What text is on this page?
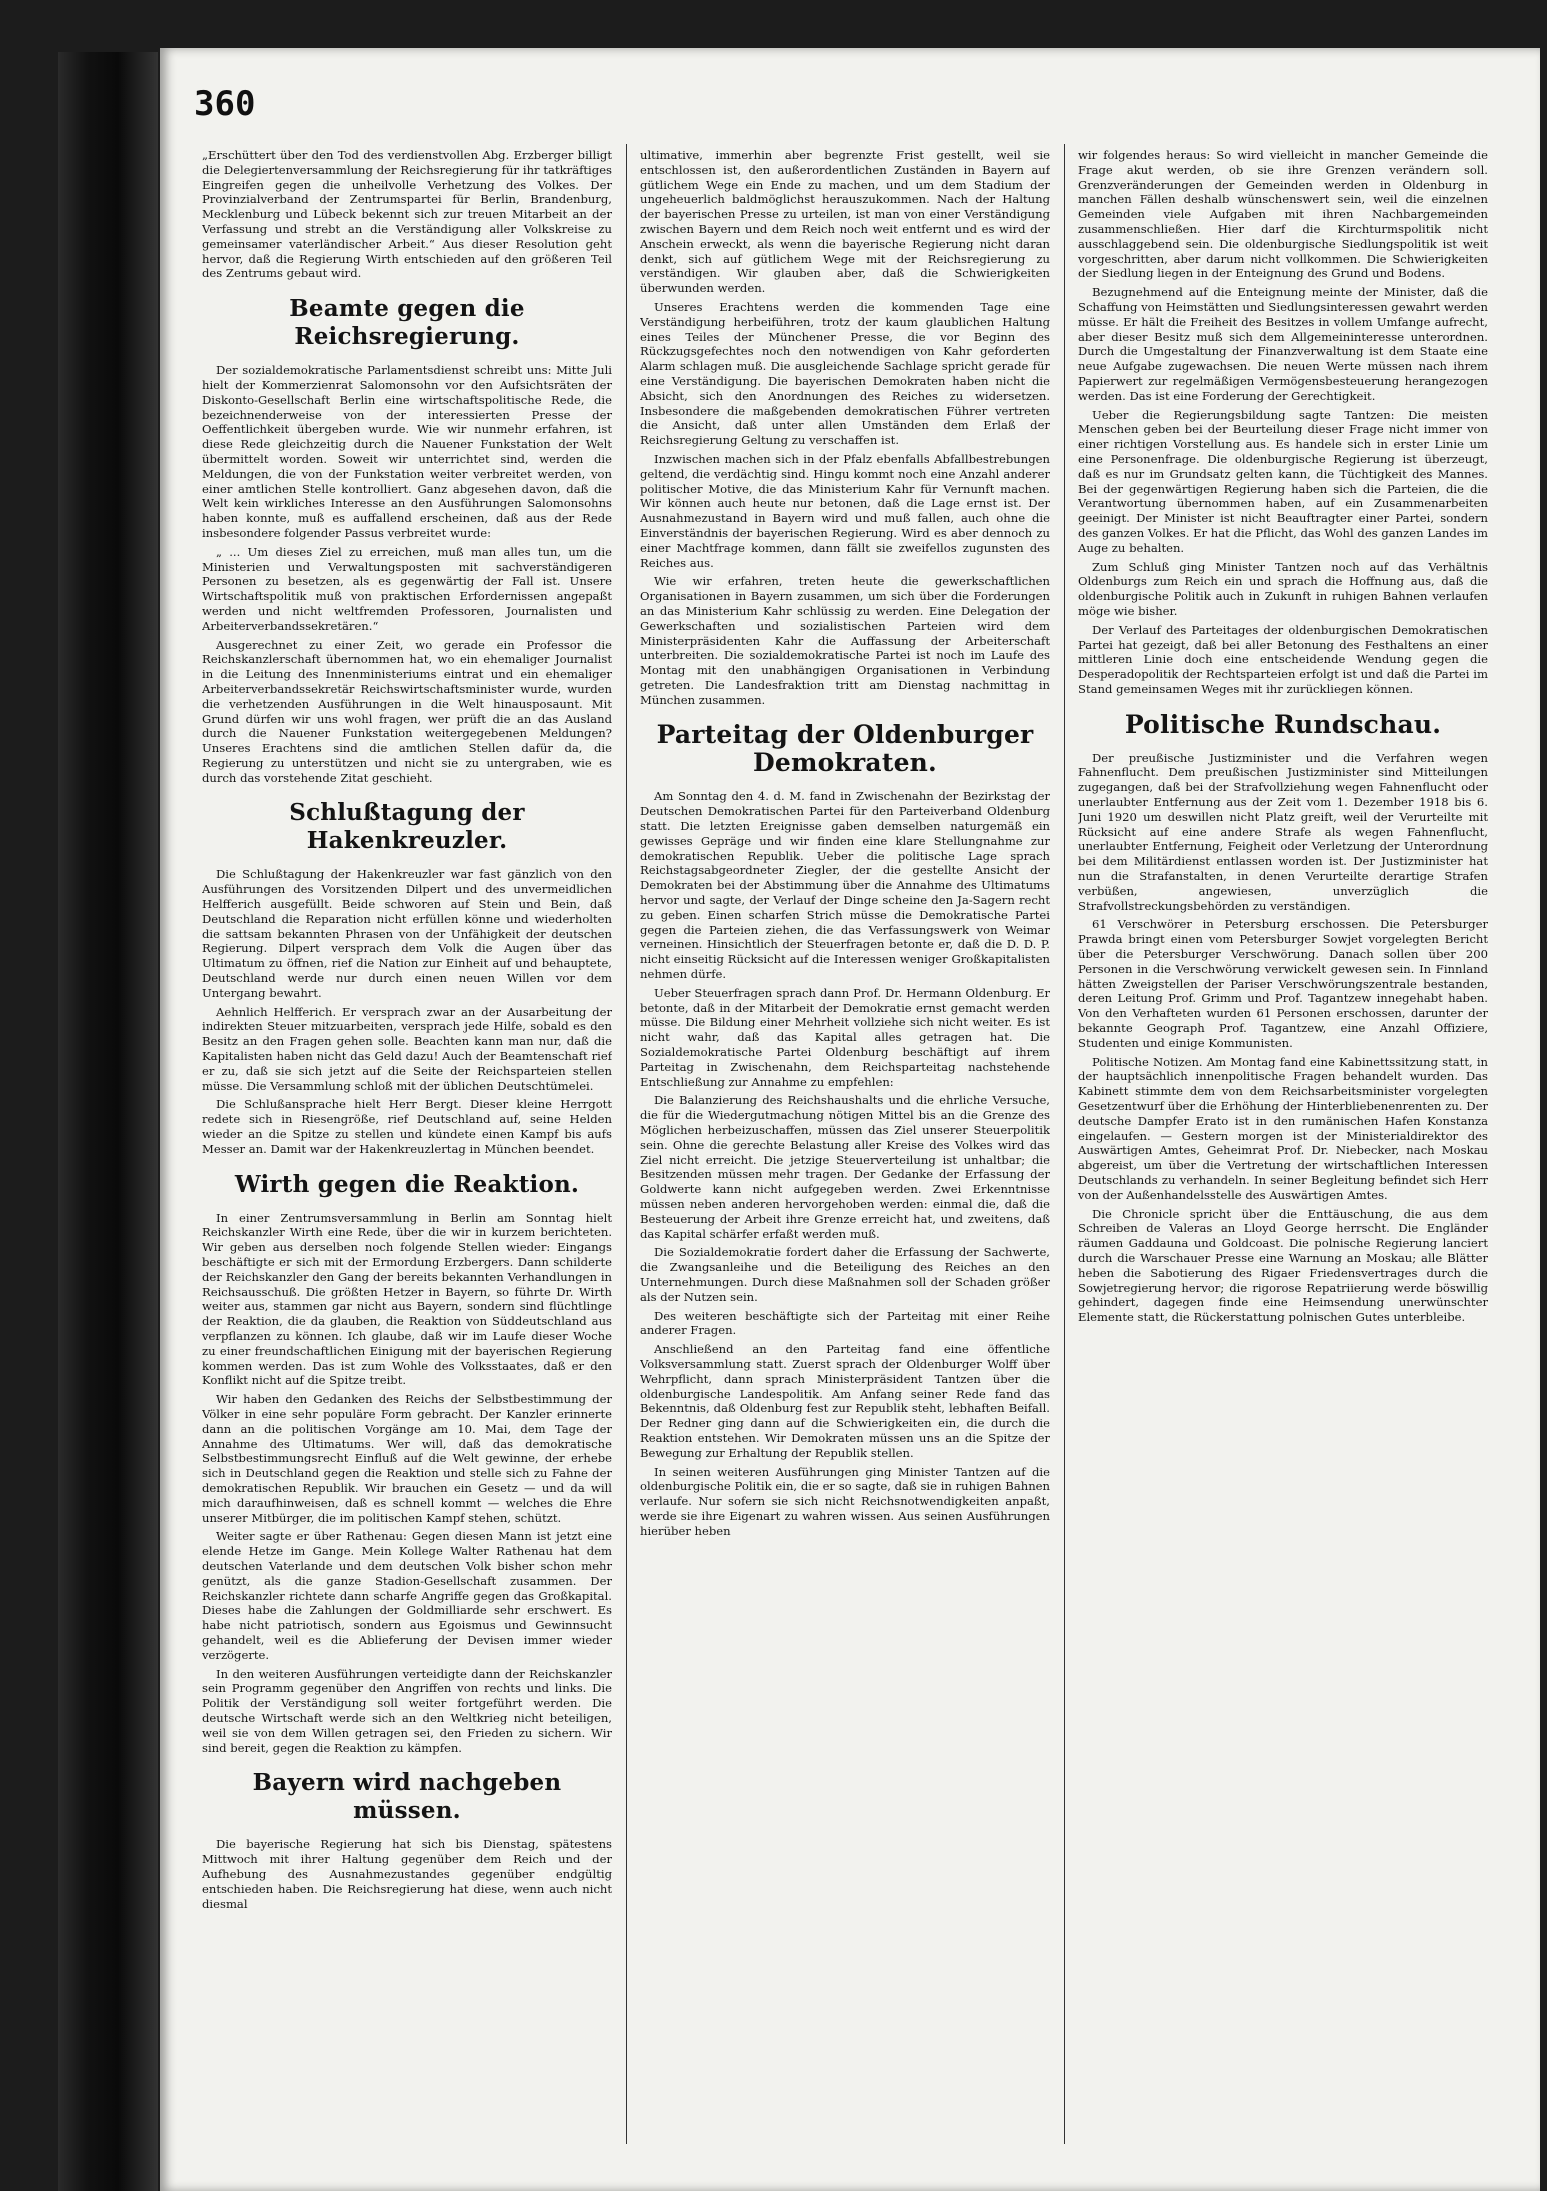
360

„Erschüttert über den Tod des verdienstvollen Abg. Erzberger billigt die Delegiertenversammlung der Reichsregierung für ihr tatkräftiges Eingreifen gegen die unheilvolle Verhetzung des Volkes. Der Provinzialverband der Zentrumspartei für Berlin, Brandenburg, Mecklenburg und Lübeck bekennt sich zur treuen Mitarbeit an der Verfassung und strebt an die Verständigung aller Volkskreise zu gemeinsamer vaterländischer Arbeit.“ Aus dieser Resolution geht hervor, daß die Regierung Wirth entschieden auf den größeren Teil des Zentrums gebaut wird.

Beamte gegen die Reichsregierung.

Der sozialdemokratische Parlamentsdienst schreibt uns: Mitte Juli hielt der Kommerzienrat Salomonsohn vor den Aufsichtsräten der Diskonto-Gesellschaft Berlin eine wirtschaftspolitische Rede, die bezeichnenderweise von der interessierten Presse der Oeffentlichkeit übergeben wurde. Wie wir nunmehr erfahren, ist diese Rede gleichzeitig durch die Nauener Funkstation der Welt übermittelt worden. Soweit wir unterrichtet sind, werden die Meldungen, die von der Funkstation weiter verbreitet werden, von einer amtlichen Stelle kontrolliert. Ganz abgesehen davon, daß die Welt kein wirkliches Interesse an den Ausführungen Salomonsohns haben konnte, muß es auffallend erscheinen, daß aus der Rede insbesondere folgender Passus verbreitet wurde:

„ ... Um dieses Ziel zu erreichen, muß man alles tun, um die Ministerien und Verwaltungsposten mit sachverständigeren Personen zu besetzen, als es gegenwärtig der Fall ist. Unsere Wirtschaftspolitik muß von praktischen Erfordernissen angepaßt werden und nicht weltfremden Professoren, Journalisten und Arbeiterverbandssekretären.“

Ausgerechnet zu einer Zeit, wo gerade ein Professor die Reichskanzlerschaft übernommen hat, wo ein ehemaliger Journalist in die Leitung des Innenministeriums eintrat und ein ehemaliger Arbeiterverbandssekretär Reichswirtschaftsminister wurde, wurden die verhetzenden Ausführungen in die Welt hinausposaunt. Mit Grund dürfen wir uns wohl fragen, wer prüft die an das Ausland durch die Nauener Funkstation weitergegebenen Meldungen? Unseres Erachtens sind die amtlichen Stellen dafür da, die Regierung zu unterstützen und nicht sie zu untergraben, wie es durch das vorstehende Zitat geschieht.

Schlußtagung der Hakenkreuzler.

Die Schlußtagung der Hakenkreuzler war fast gänzlich von den Ausführungen des Vorsitzenden Dilpert und des unvermeidlichen Helfferich ausgefüllt. Beide schworen auf Stein und Bein, daß Deutschland die Reparation nicht erfüllen könne und wiederholten die sattsam bekannten Phrasen von der Unfähigkeit der deutschen Regierung. Dilpert versprach dem Volk die Augen über das Ultimatum zu öffnen, rief die Nation zur Einheit auf und behauptete, Deutschland werde nur durch einen neuen Willen vor dem Untergang bewahrt.

Aehnlich Helfferich. Er versprach zwar an der Ausarbeitung der indirekten Steuer mitzuarbeiten, versprach jede Hilfe, sobald es den Besitz an den Fragen gehen solle. Beachten kann man nur, daß die Kapitalisten haben nicht das Geld dazu! Auch der Beamtenschaft rief er zu, daß sie sich jetzt auf die Seite der Reichsparteien stellen müsse. Die Versammlung schloß mit der üblichen Deutschtümelei.

Die Schlußansprache hielt Herr Bergt. Dieser kleine Herrgott redete sich in Riesengröße, rief Deutschland auf, seine Helden wieder an die Spitze zu stellen und kündete einen Kampf bis aufs Messer an. Damit war der Hakenkreuzlertag in München beendet.

Wirth gegen die Reaktion.

In einer Zentrumsversammlung in Berlin am Sonntag hielt Reichskanzler Wirth eine Rede, über die wir in kurzem berichteten. Wir geben aus derselben noch folgende Stellen wieder: Eingangs beschäftigte er sich mit der Ermordung Erzbergers. Dann schilderte der Reichskanzler den Gang der bereits bekannten Verhandlungen in Reichsausschuß. Die größten Hetzer in Bayern, so führte Dr. Wirth weiter aus, stammen gar nicht aus Bayern, sondern sind flüchtlinge der Reaktion, die da glauben, die Reaktion von Süddeutschland aus verpflanzen zu können. Ich glaube, daß wir im Laufe dieser Woche zu einer freundschaftlichen Einigung mit der bayerischen Regierung kommen werden. Das ist zum Wohle des Volksstaates, daß er den Konflikt nicht auf die Spitze treibt.

Wir haben den Gedanken des Reichs der Selbstbestimmung der Völker in eine sehr populäre Form gebracht. Der Kanzler erinnerte dann an die politischen Vorgänge am 10. Mai, dem Tage der Annahme des Ultimatums. Wer will, daß das demokratische Selbstbestimmungsrecht Einfluß auf die Welt gewinne, der erhebe sich in Deutschland gegen die Reaktion und stelle sich zu Fahne der demokratischen Republik. Wir brauchen ein Gesetz — und da will mich daraufhinweisen, daß es schnell kommt — welches die Ehre unserer Mitbürger, die im politischen Kampf stehen, schützt.

Weiter sagte er über Rathenau: Gegen diesen Mann ist jetzt eine elende Hetze im Gange. Mein Kollege Walter Rathenau hat dem deutschen Vaterlande und dem deutschen Volk bisher schon mehr genützt, als die ganze Stadion-Gesellschaft zusammen. Der Reichskanzler richtete dann scharfe Angriffe gegen das Großkapital. Dieses habe die Zahlungen der Goldmilliarde sehr erschwert. Es habe nicht patriotisch, sondern aus Egoismus und Gewinnsucht gehandelt, weil es die Ablieferung der Devisen immer wieder verzögerte.

In den weiteren Ausführungen verteidigte dann der Reichskanzler sein Programm gegenüber den Angriffen von rechts und links. Die Politik der Verständigung soll weiter fortgeführt werden. Die deutsche Wirtschaft werde sich an den Weltkrieg nicht beteiligen, weil sie von dem Willen getragen sei, den Frieden zu sichern. Wir sind bereit, gegen die Reaktion zu kämpfen.

Bayern wird nachgeben müssen.

Die bayerische Regierung hat sich bis Dienstag, spätestens Mittwoch mit ihrer Haltung gegenüber dem Reich und der Aufhebung des Ausnahmezustandes gegenüber endgültig entschieden haben. Die Reichsregierung hat diese, wenn auch nicht diesmal

ultimative, immerhin aber begrenzte Frist gestellt, weil sie entschlossen ist, den außerordentlichen Zuständen in Bayern auf gütlichem Wege ein Ende zu machen, und um dem Stadium der ungeheuerlich baldmöglichst herauszukommen. Nach der Haltung der bayerischen Presse zu urteilen, ist man von einer Verständigung zwischen Bayern und dem Reich noch weit entfernt und es wird der Anschein erweckt, als wenn die bayerische Regierung nicht daran denkt, sich auf gütlichem Wege mit der Reichsregierung zu verständigen. Wir glauben aber, daß die Schwierigkeiten überwunden werden.

Unseres Erachtens werden die kommenden Tage eine Verständigung herbeiführen, trotz der kaum glaublichen Haltung eines Teiles der Münchener Presse, die vor Beginn des Rückzugsgefechtes noch den notwendigen von Kahr geforderten Alarm schlagen muß. Die ausgleichende Sachlage spricht gerade für eine Verständigung. Die bayerischen Demokraten haben nicht die Absicht, sich den Anordnungen des Reiches zu widersetzen. Insbesondere die maßgebenden demokratischen Führer vertreten die Ansicht, daß unter allen Umständen dem Erlaß der Reichsregierung Geltung zu verschaffen ist.

Inzwischen machen sich in der Pfalz ebenfalls Abfallbestrebungen geltend, die verdächtig sind. Hingu kommt noch eine Anzahl anderer politischer Motive, die das Ministerium Kahr für Vernunft machen. Wir können auch heute nur betonen, daß die Lage ernst ist. Der Ausnahmezustand in Bayern wird und muß fallen, auch ohne die Einverständnis der bayerischen Regierung. Wird es aber dennoch zu einer Machtfrage kommen, dann fällt sie zweifellos zugunsten des Reiches aus.

Wie wir erfahren, treten heute die gewerkschaftlichen Organisationen in Bayern zusammen, um sich über die Forderungen an das Ministerium Kahr schlüssig zu werden. Eine Delegation der Gewerkschaften und sozialistischen Parteien wird dem Ministerpräsidenten Kahr die Auffassung der Arbeiterschaft unterbreiten. Die sozialdemokratische Partei ist noch im Laufe des Montag mit den unabhängigen Organisationen in Verbindung getreten. Die Landesfraktion tritt am Dienstag nachmittag in München zusammen.

Parteitag der Oldenburger Demokraten.

Am Sonntag den 4. d. M. fand in Zwischenahn der Bezirkstag der Deutschen Demokratischen Partei für den Parteiverband Oldenburg statt. Die letzten Ereignisse gaben demselben naturgemäß ein gewisses Gepräge und wir finden eine klare Stellungnahme zur demokratischen Republik. Ueber die politische Lage sprach Reichstagsabgeordneter Ziegler, der die gestellte Ansicht der Demokraten bei der Abstimmung über die Annahme des Ultimatums hervor und sagte, der Verlauf der Dinge scheine den Ja-Sagern recht zu geben. Einen scharfen Strich müsse die Demokratische Partei gegen die Parteien ziehen, die das Verfassungswerk von Weimar verneinen. Hinsichtlich der Steuerfragen betonte er, daß die D. D. P. nicht einseitig Rücksicht auf die Interessen weniger Großkapitalisten nehmen dürfe.

Ueber Steuerfragen sprach dann Prof. Dr. Hermann Oldenburg. Er betonte, daß in der Mitarbeit der Demokratie ernst gemacht werden müsse. Die Bildung einer Mehrheit vollziehe sich nicht weiter. Es ist nicht wahr, daß das Kapital alles getragen hat. Die Sozialdemokratische Partei Oldenburg beschäftigt auf ihrem Parteitag in Zwischenahn, dem Reichsparteitag nachstehende Entschließung zur Annahme zu empfehlen:

Die Balanzierung des Reichshaushalts und die ehrliche Versuche, die für die Wiedergutmachung nötigen Mittel bis an die Grenze des Möglichen herbeizuschaffen, müssen das Ziel unserer Steuerpolitik sein. Ohne die gerechte Belastung aller Kreise des Volkes wird das Ziel nicht erreicht. Die jetzige Steuerverteilung ist unhaltbar; die Besitzenden müssen mehr tragen. Der Gedanke der Erfassung der Goldwerte kann nicht aufgegeben werden. Zwei Erkenntnisse müssen neben anderen hervorgehoben werden: einmal die, daß die Besteuerung der Arbeit ihre Grenze erreicht hat, und zweitens, daß das Kapital schärfer erfaßt werden muß.

Die Sozialdemokratie fordert daher die Erfassung der Sachwerte, die Zwangsanleihe und die Beteiligung des Reiches an den Unternehmungen. Durch diese Maßnahmen soll der Schaden größer als der Nutzen sein.

Des weiteren beschäftigte sich der Parteitag mit einer Reihe anderer Fragen.

Anschließend an den Parteitag fand eine öffentliche Volksversammlung statt. Zuerst sprach der Oldenburger Wolff über Wehrpflicht, dann sprach Ministerpräsident Tantzen über die oldenburgische Landespolitik. Am Anfang seiner Rede fand das Bekenntnis, daß Oldenburg fest zur Republik steht, lebhaften Beifall. Der Redner ging dann auf die Schwierigkeiten ein, die durch die Reaktion entstehen. Wir Demokraten müssen uns an die Spitze der Bewegung zur Erhaltung der Republik stellen.

In seinen weiteren Ausführungen ging Minister Tantzen auf die oldenburgische Politik ein, die er so sagte, daß sie in ruhigen Bahnen verlaufe. Nur sofern sie sich nicht Reichsnotwendigkeiten anpaßt, werde sie ihre Eigenart zu wahren wissen. Aus seinen Ausführungen hierüber heben

wir folgendes heraus: So wird vielleicht in mancher Gemeinde die Frage akut werden, ob sie ihre Grenzen verändern soll. Grenzveränderungen der Gemeinden werden in Oldenburg in manchen Fällen deshalb wünschenswert sein, weil die einzelnen Gemeinden viele Aufgaben mit ihren Nachbargemeinden zusammenschließen. Hier darf die Kirchturmspolitik nicht ausschlaggebend sein. Die oldenburgische Siedlungspolitik ist weit vorgeschritten, aber darum nicht vollkommen. Die Schwierigkeiten der Siedlung liegen in der Enteignung des Grund und Bodens.

Bezugnehmend auf die Enteignung meinte der Minister, daß die Schaffung von Heimstätten und Siedlungsinteressen gewahrt werden müsse. Er hält die Freiheit des Besitzes in vollem Umfange aufrecht, aber dieser Besitz muß sich dem Allgemeininteresse unterordnen. Durch die Umgestaltung der Finanzverwaltung ist dem Staate eine neue Aufgabe zugewachsen. Die neuen Werte müssen nach ihrem Papierwert zur regelmäßigen Vermögensbesteuerung herangezogen werden. Das ist eine Forderung der Gerechtigkeit.

Ueber die Regierungsbildung sagte Tantzen: Die meisten Menschen geben bei der Beurteilung dieser Frage nicht immer von einer richtigen Vorstellung aus. Es handele sich in erster Linie um eine Personenfrage. Die oldenburgische Regierung ist überzeugt, daß es nur im Grundsatz gelten kann, die Tüchtigkeit des Mannes. Bei der gegenwärtigen Regierung haben sich die Parteien, die die Verantwortung übernommen haben, auf ein Zusammenarbeiten geeinigt. Der Minister ist nicht Beauftragter einer Partei, sondern des ganzen Volkes. Er hat die Pflicht, das Wohl des ganzen Landes im Auge zu behalten.

Zum Schluß ging Minister Tantzen noch auf das Verhältnis Oldenburgs zum Reich ein und sprach die Hoffnung aus, daß die oldenburgische Politik auch in Zukunft in ruhigen Bahnen verlaufen möge wie bisher.

Der Verlauf des Parteitages der oldenburgischen Demokratischen Partei hat gezeigt, daß bei aller Betonung des Festhaltens an einer mittleren Linie doch eine entscheidende Wendung gegen die Desperadopolitik der Rechtsparteien erfolgt ist und daß die Partei im Stand gemeinsamen Weges mit ihr zurückliegen können.

Politische Rundschau.

Der preußische Justizminister und die Verfahren wegen Fahnenflucht. Dem preußischen Justizminister sind Mitteilungen zugegangen, daß bei der Strafvollziehung wegen Fahnenflucht oder unerlaubter Entfernung aus der Zeit vom 1. Dezember 1918 bis 6. Juni 1920 um deswillen nicht Platz greift, weil der Verurteilte mit Rücksicht auf eine andere Strafe als wegen Fahnenflucht, unerlaubter Entfernung, Feigheit oder Verletzung der Unterordnung bei dem Militärdienst entlassen worden ist. Der Justizminister hat nun die Strafanstalten, in denen Verurteilte derartige Strafen verbüßen, angewiesen, unverzüglich die Strafvollstreckungsbehörden zu verständigen.

61 Verschwörer in Petersburg erschossen. Die Petersburger Prawda bringt einen vom Petersburger Sowjet vorgelegten Bericht über die Petersburger Verschwörung. Danach sollen über 200 Personen in die Verschwörung verwickelt gewesen sein. In Finnland hätten Zweigstellen der Pariser Verschwörungszentrale bestanden, deren Leitung Prof. Grimm und Prof. Tagantzew innegehabt haben. Von den Verhafteten wurden 61 Personen erschossen, darunter der bekannte Geograph Prof. Tagantzew, eine Anzahl Offiziere, Studenten und einige Kommunisten.

Politische Notizen. Am Montag fand eine Kabinettssitzung statt, in der hauptsächlich innenpolitische Fragen behandelt wurden. Das Kabinett stimmte dem von dem Reichsarbeitsminister vorgelegten Gesetzentwurf über die Erhöhung der Hinterbliebenenrenten zu. Der deutsche Dampfer Erato ist in den rumänischen Hafen Konstanza eingelaufen. — Gestern morgen ist der Ministerialdirektor des Auswärtigen Amtes, Geheimrat Prof. Dr. Niebecker, nach Moskau abgereist, um über die Vertretung der wirtschaftlichen Interessen Deutschlands zu verhandeln. In seiner Begleitung befindet sich Herr von der Außenhandelsstelle des Auswärtigen Amtes.

Die Chronicle spricht über die Enttäuschung, die aus dem Schreiben de Valeras an Lloyd George herrscht. Die Engländer räumen Gaddauna und Goldcoast. Die polnische Regierung lanciert durch die Warschauer Presse eine Warnung an Moskau; alle Blätter heben die Sabotierung des Rigaer Friedensvertrages durch die Sowjetregierung hervor; die rigorose Repatriierung werde böswillig gehindert, dagegen finde eine Heimsendung unerwünschter Elemente statt, die Rückerstattung polnischen Gutes unterbleibe.
